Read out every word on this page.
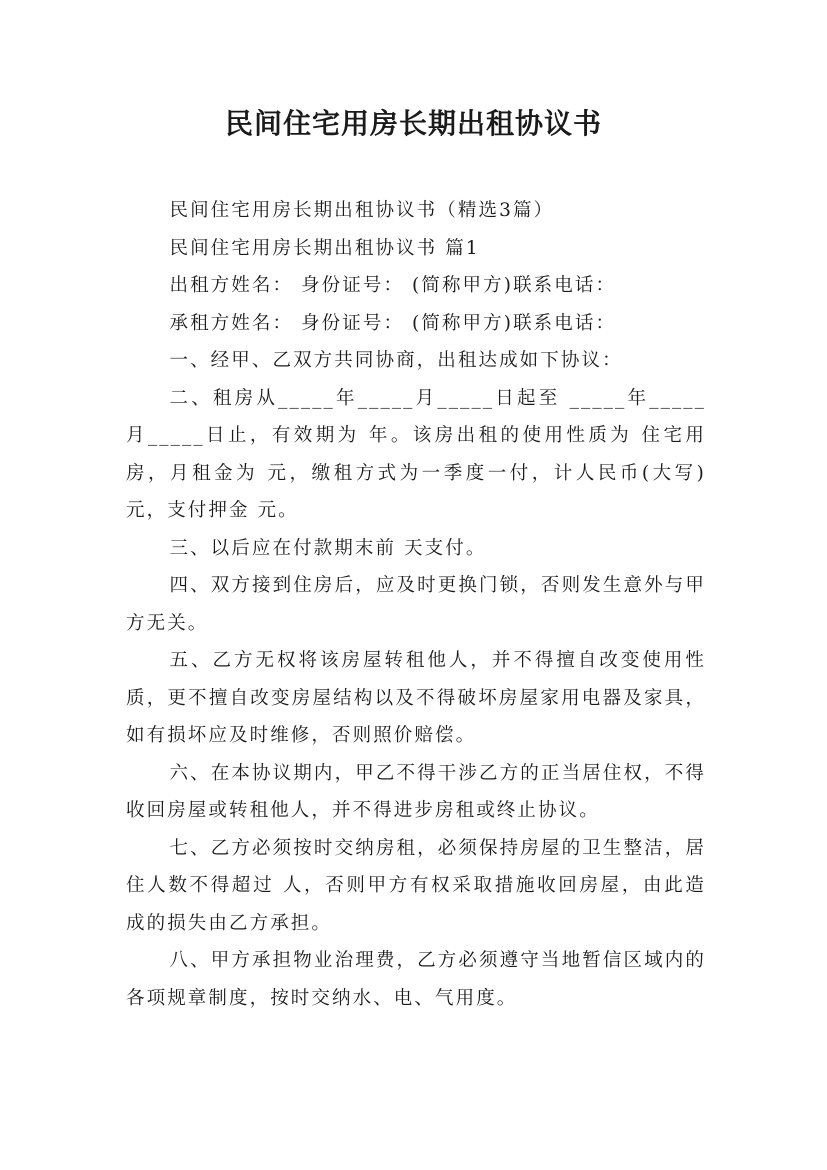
民间住宅用房长期出租协议书

民间住宅用房长期出租协议书（精选3篇）

民间住宅用房长期出租协议书 篇1

出租方姓名： 身份证号： (简称甲方)联系电话：

承租方姓名： 身份证号： (简称甲方)联系电话：

一、经甲、乙双方共同协商，出租达成如下协议：

二、租房从_____年_____月_____日起至 _____年_____月_____日止，有效期为 年。该房出租的使用性质为 住宅用房，月租金为 元，缴租方式为一季度一付，计人民币(大写) 元，支付押金 元。

三、以后应在付款期末前 天支付。

四、双方接到住房后，应及时更换门锁，否则发生意外与甲方无关。

五、乙方无权将该房屋转租他人，并不得擅自改变使用性质，更不擅自改变房屋结构以及不得破坏房屋家用电器及家具，如有损坏应及时维修，否则照价赔偿。

六、在本协议期内，甲乙不得干涉乙方的正当居住权，不得收回房屋或转租他人，并不得进步房租或终止协议。

七、乙方必须按时交纳房租，必须保持房屋的卫生整洁，居住人数不得超过 人，否则甲方有权采取措施收回房屋，由此造成的损失由乙方承担。

八、甲方承担物业治理费，乙方必须遵守当地暂信区域内的各项规章制度，按时交纳水、电、气用度。
